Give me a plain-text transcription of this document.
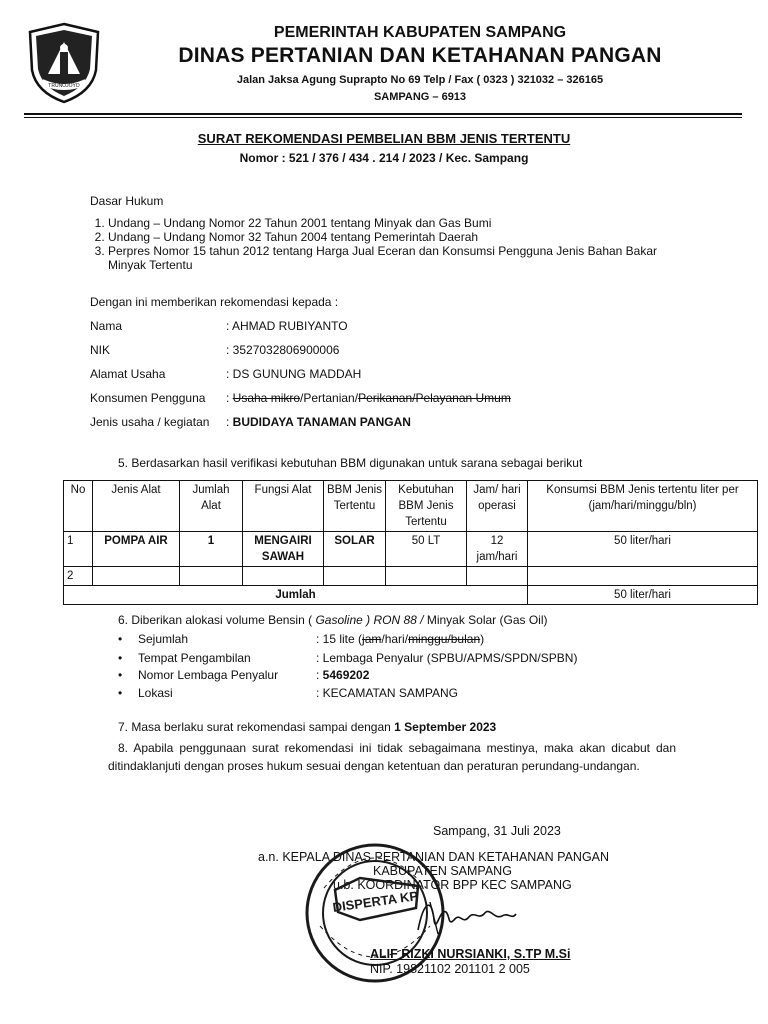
TRUNOJOYO
PEMERINTAH KABUPATEN SAMPANG
DINAS PERTANIAN DAN KETAHANAN PANGAN
Jalan Jaksa Agung Suprapto No 69 Telp / Fax ( 0323 ) 321032 – 326165
SAMPANG – 6913
SURAT REKOMENDASI PEMBELIAN BBM JENIS TERTENTU
Nomor : 521 / 376 / 434 . 214 / 2023 / Kec. Sampang
Dasar Hukum
1. Undang – Undang Nomor 22 Tahun 2001 tentang Minyak dan Gas Bumi
2. Undang – Undang Nomor 32 Tahun 2004 tentang Pemerintah Daerah
3. Perpres Nomor 15 tahun 2012 tentang Harga Jual Eceran dan Konsumsi Pengguna Jenis Bahan Bakar Minyak Tertentu
Dengan ini memberikan rekomendasi kepada :
Nama	: AHMAD RUBIYANTO
NIK	: 3527032806900006
Alamat Usaha	: DS GUNUNG MADDAH
Konsumen Pengguna : Usaha mikro/Pertanian/Perikanan/Pelayanan Umum
Jenis usaha / kegiatan : BUDIDAYA TANAMAN PANGAN
5. Berdasarkan hasil verifikasi kebutuhan BBM digunakan untuk sarana sebagai berikut
No	Jenis Alat	Jumlah Alat	Fungsi Alat	BBM Jenis Tertentu	Kebutuhan BBM Jenis Tertentu	Jam/ hari operasi	Konsumsi BBM Jenis tertentu liter per (jam/hari/minggu/bln)
1	POMPA AIR	1	MENGAIRI SAWAH	SOLAR	50 LT	12 jam/hari	50 liter/hari
2							
Jumlah							50 liter/hari
6. Diberikan alokasi volume Bensin ( Gasoline ) RON 88 / Minyak Solar (Gas Oil)
• Sejumlah	: 15 lite (jam/hari/minggu/bulan)
• Tempat Pengambilan	: Lembaga Penyalur (SPBU/APMS/SPDN/SPBN)
• Nomor Lembaga Penyalur	: 5469202
• Lokasi	: KECAMATAN SAMPANG
7. Masa berlaku surat rekomendasi sampai dengan 1 September 2023
8. Apabila penggunaan surat rekomendasi ini tidak sebagaimana mestinya, maka akan dicabut dan ditindaklanjuti dengan proses hukum sesuai dengan ketentuan dan peraturan perundang-undangan.
Sampang, 31 Juli 2023
a.n. KEPALA DINAS PERTANIAN DAN KETAHANAN PANGAN
KABUPATEN SAMPANG
u.b. KOORDINATOR BPP KEC SAMPANG
DISPERTA KP
ALIF RIZKI NURSIANKI, S.TP M.Si
NIP. 19821102 201101 2 005
